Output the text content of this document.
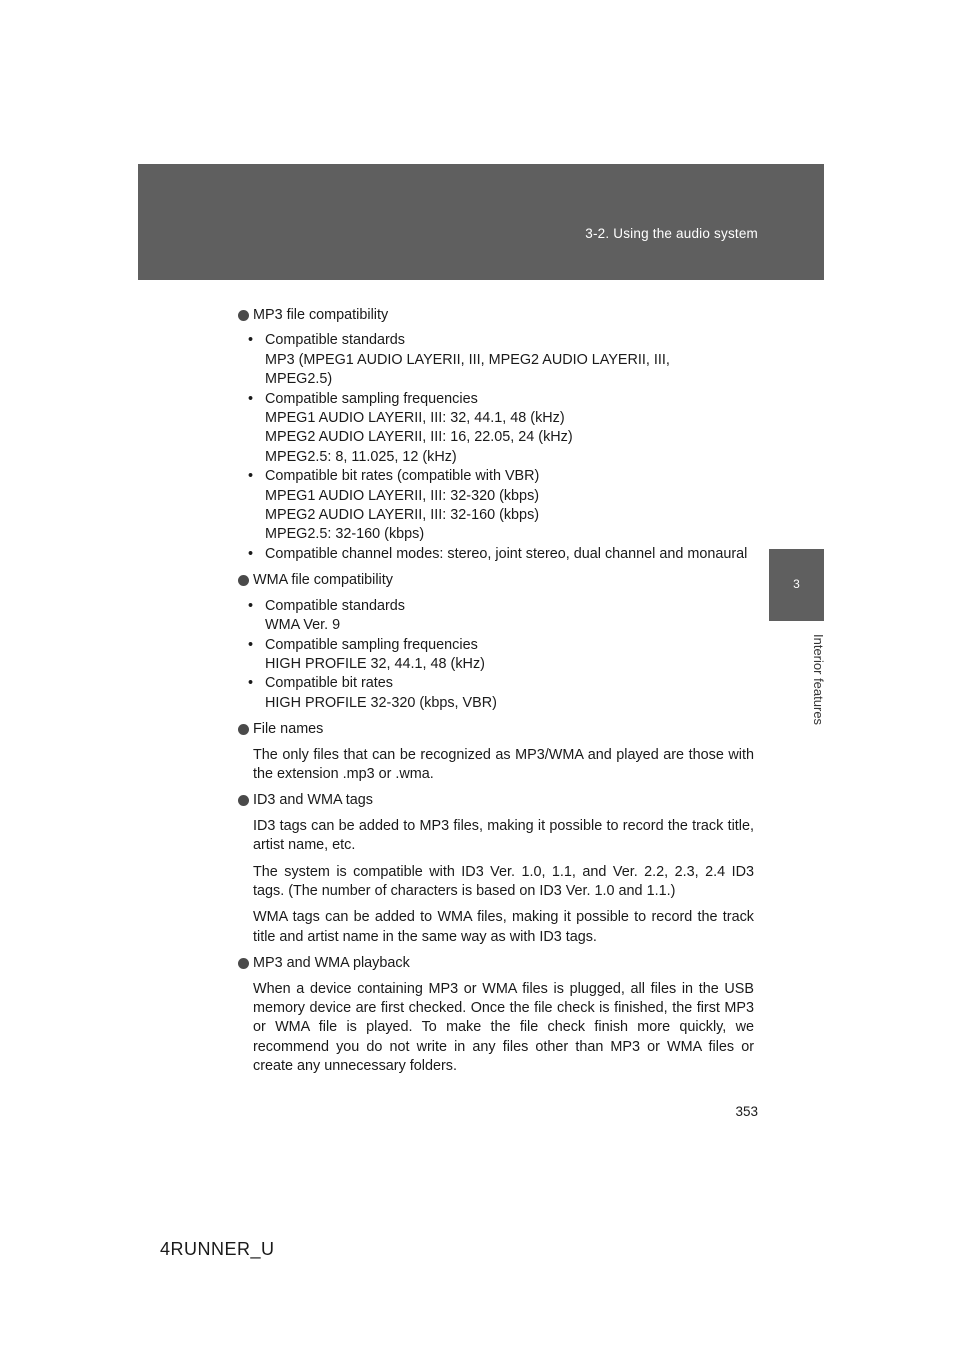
3-2. Using the audio system
3
Interior features
MP3 file compatibility
• Compatible standards
MP3 (MPEG1 AUDIO LAYERII, III, MPEG2 AUDIO LAYERII, III,
MPEG2.5)
• Compatible sampling frequencies
MPEG1 AUDIO LAYERII, III: 32, 44.1, 48 (kHz)
MPEG2 AUDIO LAYERII, III: 16, 22.05, 24 (kHz)
MPEG2.5: 8, 11.025, 12 (kHz)
• Compatible bit rates (compatible with VBR)
MPEG1 AUDIO LAYERII, III: 32-320 (kbps)
MPEG2 AUDIO LAYERII, III: 32-160 (kbps)
MPEG2.5: 32-160 (kbps)
• Compatible channel modes: stereo, joint stereo, dual channel and monaural
WMA file compatibility
• Compatible standards
WMA Ver. 9
• Compatible sampling frequencies
HIGH PROFILE 32, 44.1, 48 (kHz)
• Compatible bit rates
HIGH PROFILE 32-320 (kbps, VBR)
File names
The only files that can be recognized as MP3/WMA and played are those with the extension .mp3 or .wma.
ID3 and WMA tags
ID3 tags can be added to MP3 files, making it possible to record the track title, artist name, etc.
The system is compatible with ID3 Ver. 1.0, 1.1, and Ver. 2.2, 2.3, 2.4 ID3 tags. (The number of characters is based on ID3 Ver. 1.0 and 1.1.)
WMA tags can be added to WMA files, making it possible to record the track title and artist name in the same way as with ID3 tags.
MP3 and WMA playback
When a device containing MP3 or WMA files is plugged, all files in the USB memory device are first checked. Once the file check is finished, the first MP3 or WMA file is played. To make the file check finish more quickly, we recommend you do not write in any files other than MP3 or WMA files or create any unnecessary folders.
353
4RUNNER_U
